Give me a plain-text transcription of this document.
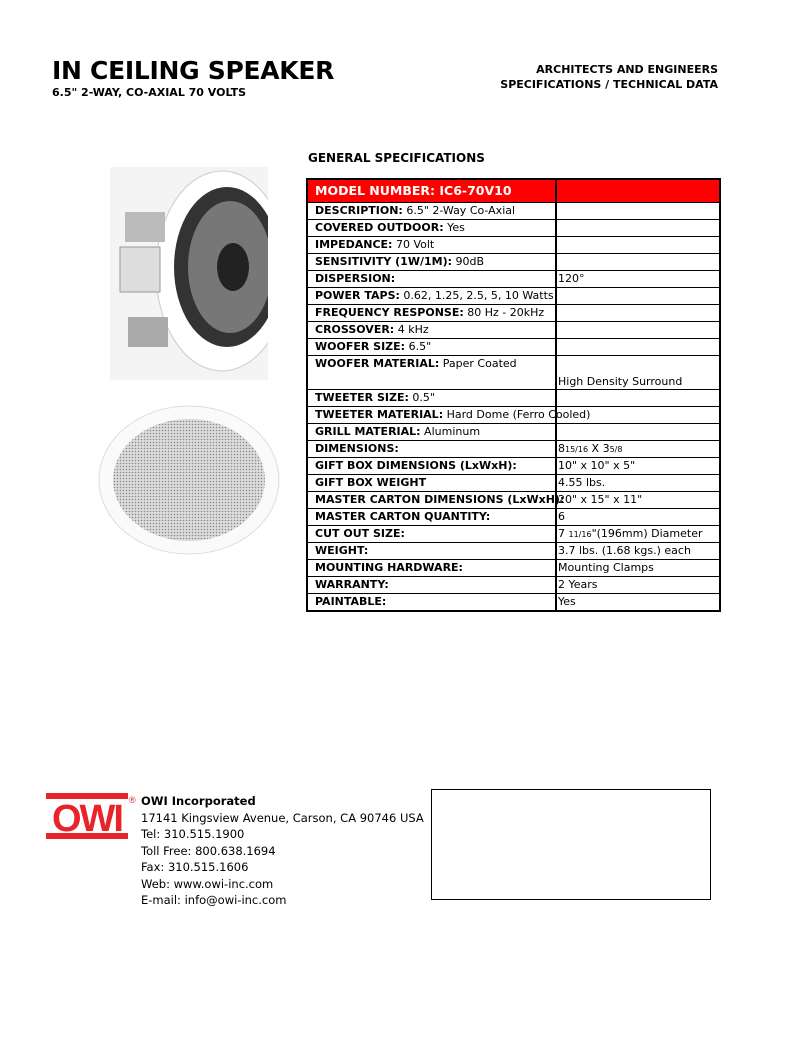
IN CEILING SPEAKER
6.5" 2-WAY, CO-AXIAL 70 VOLTS
ARCHITECTS AND ENGINEERS
SPECIFICATIONS / TECHNICAL DATA
GENERAL SPECIFICATIONS
MODEL NUMBER: IC6-70V10	
DESCRIPTION: 6.5" 2-Way Co-Axial	
COVERED OUTDOOR: Yes	
IMPEDANCE: 70 Volt	
SENSITIVITY (1W/1M): 90dB	
DISPERSION:	120°
POWER TAPS: 0.62, 1.25, 2.5, 5, 10 Watts	
FREQUENCY RESPONSE: 80 Hz - 20kHz	
CROSSOVER: 4 kHz	
WOOFER SIZE: 6.5"	
WOOFER MATERIAL: Paper Coated	High Density Surround
TWEETER SIZE: 0.5"	
TWEETER MATERIAL: Hard Dome (Ferro Cooled)	
GRILL MATERIAL: Aluminum	
DIMENSIONS:	815/16 X 35/8
GIFT BOX DIMENSIONS (LxWxH):	10" x 10" x 5"
GIFT BOX WEIGHT	4.55 lbs.
MASTER CARTON DIMENSIONS (LxWxH):	20" x 15" x 11"
MASTER CARTON QUANTITY:	6
CUT OUT SIZE:	7 11/16"(196mm) Diameter
WEIGHT:	3.7 lbs. (1.68 kgs.) each
MOUNTING HARDWARE:	Mounting Clamps
WARRANTY:	2 Years
PAINTABLE:	Yes
OWI ® OWI Incorporated
17141 Kingsview Avenue, Carson, CA 90746 USA
Tel: 310.515.1900
Toll Free: 800.638.1694
Fax: 310.515.1606
Web: www.owi-inc.com
E-mail: info@owi-inc.com
